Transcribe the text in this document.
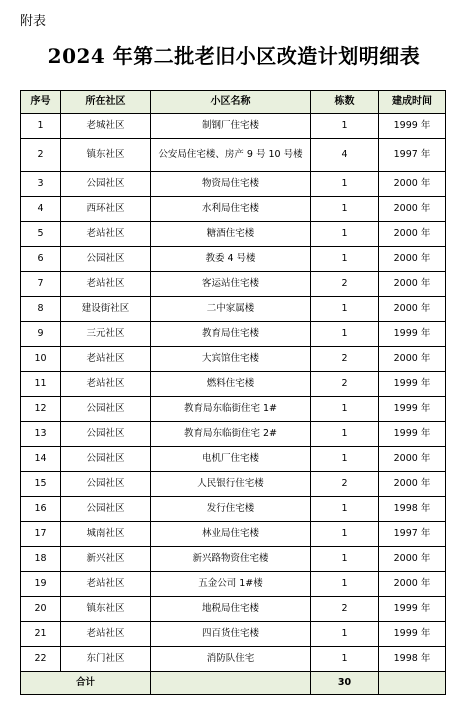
附表
2024 年第二批老旧小区改造计划明细表
序号	所在社区	小区名称	栋数	建成时间
1	老城社区	制钢厂住宅楼	1	1999 年
2	镇东社区	公安局住宅楼、房产 9 号 10 号楼	4	1997 年
3	公园社区	物资局住宅楼	1	2000 年
4	西环社区	水利局住宅楼	1	2000 年
5	老站社区	糖酒住宅楼	1	2000 年
6	公园社区	教委 4 号楼	1	2000 年
7	老站社区	客运站住宅楼	2	2000 年
8	建设街社区	二中家属楼	1	2000 年
9	三元社区	教育局住宅楼	1	1999 年
10	老站社区	大宾馆住宅楼	2	2000 年
11	老站社区	燃料住宅楼	2	1999 年
12	公园社区	教育局东临街住宅 1#	1	1999 年
13	公园社区	教育局东临街住宅 2#	1	1999 年
14	公园社区	电机厂住宅楼	1	2000 年
15	公园社区	人民银行住宅楼	2	2000 年
16	公园社区	发行住宅楼	1	1998 年
17	城南社区	林业局住宅楼	1	1997 年
18	新兴社区	新兴路物资住宅楼	1	2000 年
19	老站社区	五金公司 1#楼	1	2000 年
20	镇东社区	地税局住宅楼	2	1999 年
21	老站社区	四百货住宅楼	1	1999 年
22	东门社区	消防队住宅	1	1998 年
合计			30	
